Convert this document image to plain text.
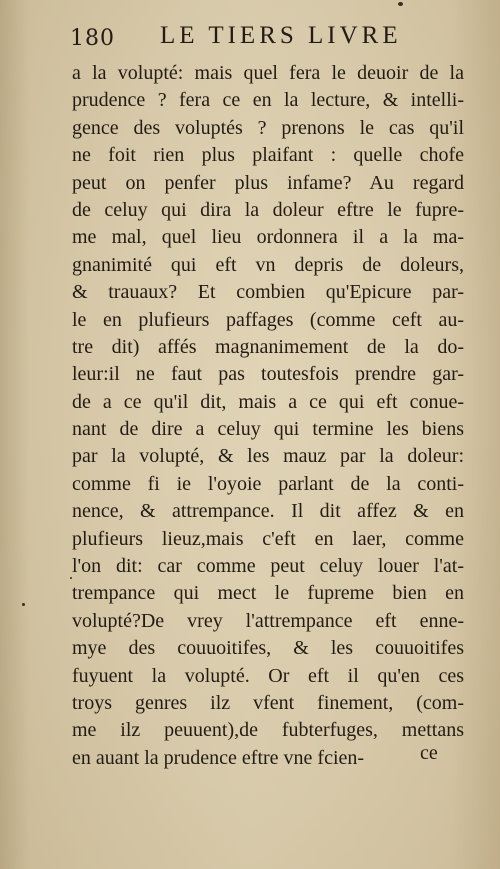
180 LE TIERS LIVRE
a la volupté: mais quel fera le deuoir de la
prudence ? fera ce en la lecture, & intelli-
gence des voluptés ? prenons le cas qu'il
ne foit rien plus plaifant : quelle chofe
peut on penfer plus infame? Au regard
de celuy qui dira la doleur eftre le fupre-
me mal, quel lieu ordonnera il a la ma-
gnanimité qui eft vn depris de doleurs,
& trauaux? Et combien qu'Epicure par-
le en plufieurs paffages (comme ceft au-
tre dit) affés magnanimement de la do-
leur:il ne faut pas toutesfois prendre gar-
de a ce qu'il dit, mais a ce qui eft conue-
nant de dire a celuy qui termine les biens
par la volupté, & les mauz par la doleur:
comme fi ie l'oyoie parlant de la conti-
nence, & attrempance. Il dit affez & en
plufieurs lieuz,mais c'eft en laer, comme
l'on dit: car comme peut celuy louer l'at-
trempance qui mect le fupreme bien en
volupté?De vrey l'attrempance eft enne-
mye des couuoitifes, & les couuoitifes
fuyuent la volupté. Or eft il qu'en ces
troys genres ilz vfent finement, (com-
me ilz peuuent),de fubterfuges, mettans
en auant la prudence eftre vne fcien-	ce
